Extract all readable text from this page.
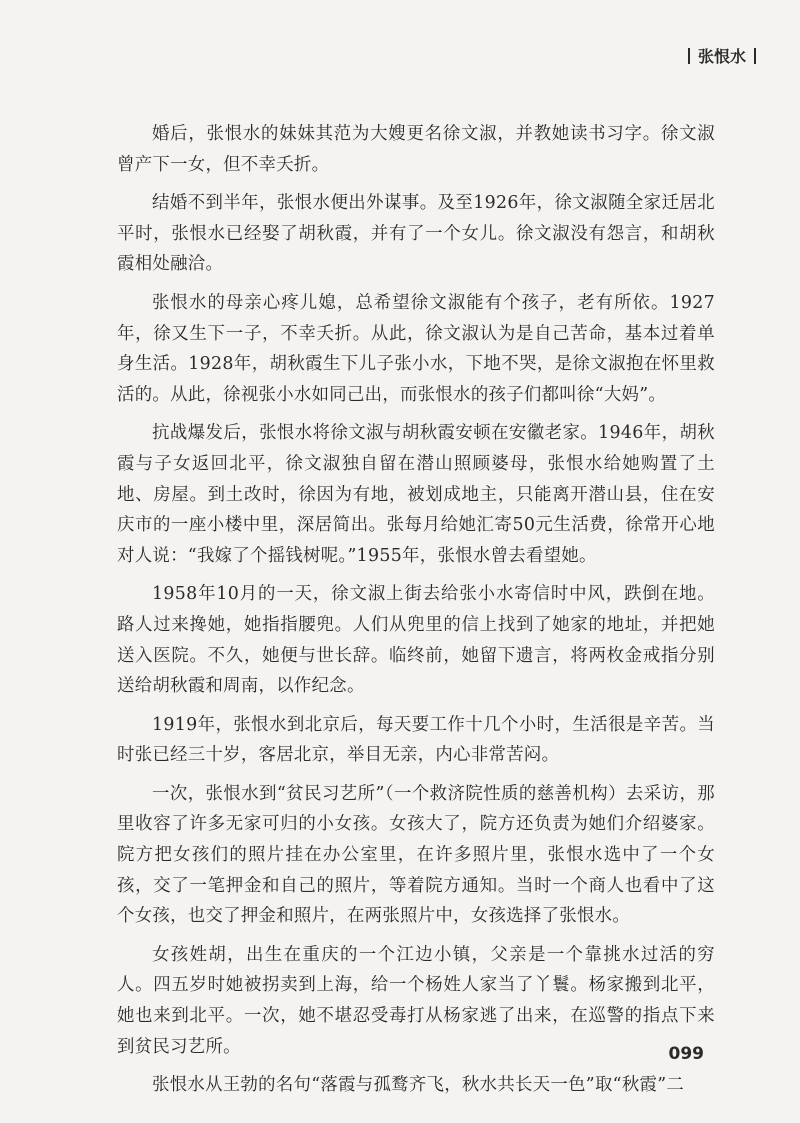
张恨水

婚后，张恨水的妹妹其范为大嫂更名徐文淑，并教她读书习字。徐文淑曾产下一女，但不幸夭折。

结婚不到半年，张恨水便出外谋事。及至1926年，徐文淑随全家迁居北平时，张恨水已经娶了胡秋霞，并有了一个女儿。徐文淑没有怨言，和胡秋霞相处融洽。

张恨水的母亲心疼儿媳，总希望徐文淑能有个孩子，老有所依。1927年，徐又生下一子，不幸夭折。从此，徐文淑认为是自己苦命，基本过着单身生活。1928年，胡秋霞生下儿子张小水，下地不哭，是徐文淑抱在怀里救活的。从此，徐视张小水如同己出，而张恨水的孩子们都叫徐“大妈”。

抗战爆发后，张恨水将徐文淑与胡秋霞安顿在安徽老家。1946年，胡秋霞与子女返回北平，徐文淑独自留在潜山照顾婆母，张恨水给她购置了土地、房屋。到土改时，徐因为有地，被划成地主，只能离开潜山县，住在安庆市的一座小楼中里，深居简出。张每月给她汇寄50元生活费，徐常开心地对人说：“我嫁了个摇钱树呢。”1955年，张恨水曾去看望她。

1958年10月的一天，徐文淑上街去给张小水寄信时中风，跌倒在地。路人过来搀她，她指指腰兜。人们从兜里的信上找到了她家的地址，并把她送入医院。不久，她便与世长辞。临终前，她留下遗言，将两枚金戒指分别送给胡秋霞和周南，以作纪念。

1919年，张恨水到北京后，每天要工作十几个小时，生活很是辛苦。当时张已经三十岁，客居北京，举目无亲，内心非常苦闷。

一次，张恨水到“贫民习艺所”（一个救济院性质的慈善机构）去采访，那里收容了许多无家可归的小女孩。女孩大了，院方还负责为她们介绍婆家。院方把女孩们的照片挂在办公室里，在许多照片里，张恨水选中了一个女孩，交了一笔押金和自己的照片，等着院方通知。当时一个商人也看中了这个女孩，也交了押金和照片，在两张照片中，女孩选择了张恨水。

女孩姓胡，出生在重庆的一个江边小镇，父亲是一个靠挑水过活的穷人。四五岁时她被拐卖到上海，给一个杨姓人家当了丫鬟。杨家搬到北平，她也来到北平。一次，她不堪忍受毒打从杨家逃了出来，在巡警的指点下来到贫民习艺所。

张恨水从王勃的名句“落霞与孤鹜齐飞，秋水共长天一色”取“秋霞”二

099
